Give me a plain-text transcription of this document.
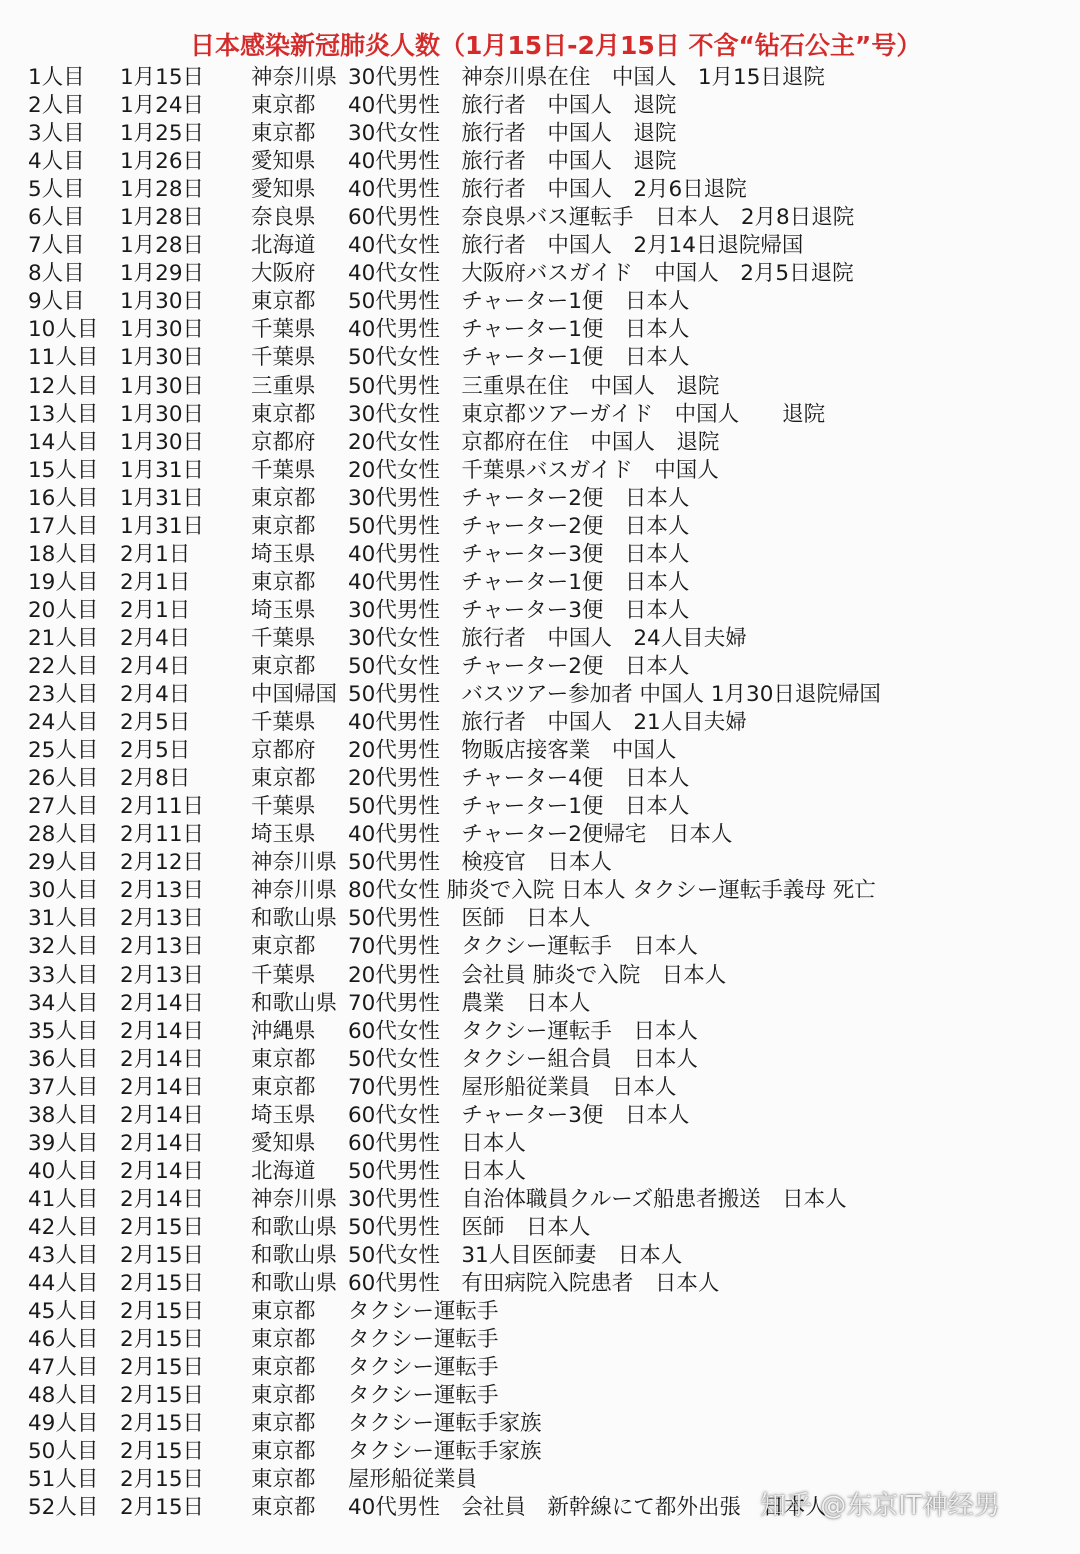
日本感染新冠肺炎人数（1月15日-2月15日 不含“钻石公主”号）
1人目 1月15日 神奈川県 30代男性　神奈川県在住　中国人　1月15日退院
2人目 1月24日 東京都 40代男性　旅行者　中国人　退院
3人目 1月25日 東京都 30代女性　旅行者　中国人　退院
4人目 1月26日 愛知県 40代男性　旅行者　中国人　退院
5人目 1月28日 愛知県 40代男性　旅行者　中国人　2月6日退院
6人目 1月28日 奈良県 60代男性　奈良県バス運転手　日本人　2月8日退院
7人目 1月28日 北海道 40代女性　旅行者　中国人　2月14日退院帰国
8人目 1月29日 大阪府 40代女性　大阪府バスガイド　中国人　2月5日退院
9人目 1月30日 東京都 50代男性　チャーター1便　日本人
10人目 1月30日 千葉県 40代男性　チャーター1便　日本人
11人目 1月30日 千葉県 50代女性　チャーター1便　日本人
12人目 1月30日 三重県 50代男性　三重県在住　中国人　退院
13人目 1月30日 東京都 30代女性　東京都ツアーガイド　中国人　　退院
14人目 1月30日 京都府 20代女性　京都府在住　中国人　退院
15人目 1月31日 千葉県 20代女性　千葉県バスガイド　中国人
16人目 1月31日 東京都 30代男性　チャーター2便　日本人
17人目 1月31日 東京都 50代男性　チャーター2便　日本人
18人目 2月1日	埼玉県 40代男性　チャーター3便　日本人
19人目 2月1日	東京都 40代男性　チャーター1便　日本人
20人目 2月1日	埼玉県 30代男性　チャーター3便　日本人
21人目 2月4日	千葉県 30代女性　旅行者　中国人　24人目夫婦
22人目 2月4日	東京都 50代女性　チャーター2便　日本人
23人目 2月4日	中国帰国 50代男性　バスツアー参加者 中国人 1月30日退院帰国
24人目 2月5日	千葉県 40代男性　旅行者　中国人　21人目夫婦
25人目 2月5日	京都府 20代男性　物販店接客業　中国人
26人目 2月8日	東京都 20代男性　チャーター4便　日本人
27人目 2月11日 千葉県 50代男性　チャーター1便　日本人
28人目 2月11日 埼玉県 40代男性　チャーター2便帰宅　日本人
29人目 2月12日 神奈川県 50代男性　検疫官　日本人
30人目 2月13日 神奈川県 80代女性 肺炎で入院 日本人 タクシー運転手義母 死亡
31人目 2月13日 和歌山県 50代男性　医師　日本人
32人目 2月13日 東京都 70代男性　タクシー運転手　日本人
33人目 2月13日 千葉県 20代男性　会社員 肺炎で入院　日本人
34人目 2月14日 和歌山県 70代男性　農業　日本人
35人目 2月14日 沖縄県 60代女性　タクシー運転手　日本人
36人目 2月14日 東京都 50代女性　タクシー組合員　日本人
37人目 2月14日 東京都 70代男性　屋形船従業員　日本人
38人目 2月14日 埼玉県 60代女性　チャーター3便　日本人
39人目 2月14日 愛知県 60代男性　日本人
40人目 2月14日 北海道 50代男性　日本人
41人目 2月14日 神奈川県 30代男性　自治体職員クルーズ船患者搬送　日本人
42人目 2月15日 和歌山県 50代男性　医師　日本人
43人目 2月15日 和歌山県 50代女性　31人目医師妻　日本人
44人目 2月15日 和歌山県 60代男性　有田病院入院患者　日本人
45人目 2月15日 東京都 タクシー運転手
46人目 2月15日 東京都 タクシー運転手
47人目 2月15日 東京都 タクシー運転手
48人目 2月15日 東京都 タクシー運転手
49人目 2月15日 東京都 タクシー運転手家族
50人目 2月15日 東京都 タクシー運転手家族
51人目 2月15日 東京都 屋形船従業員
52人目 2月15日 東京都 40代男性　会社員　新幹線にて都外出張　日本人
知乎 @东京IT神经男
